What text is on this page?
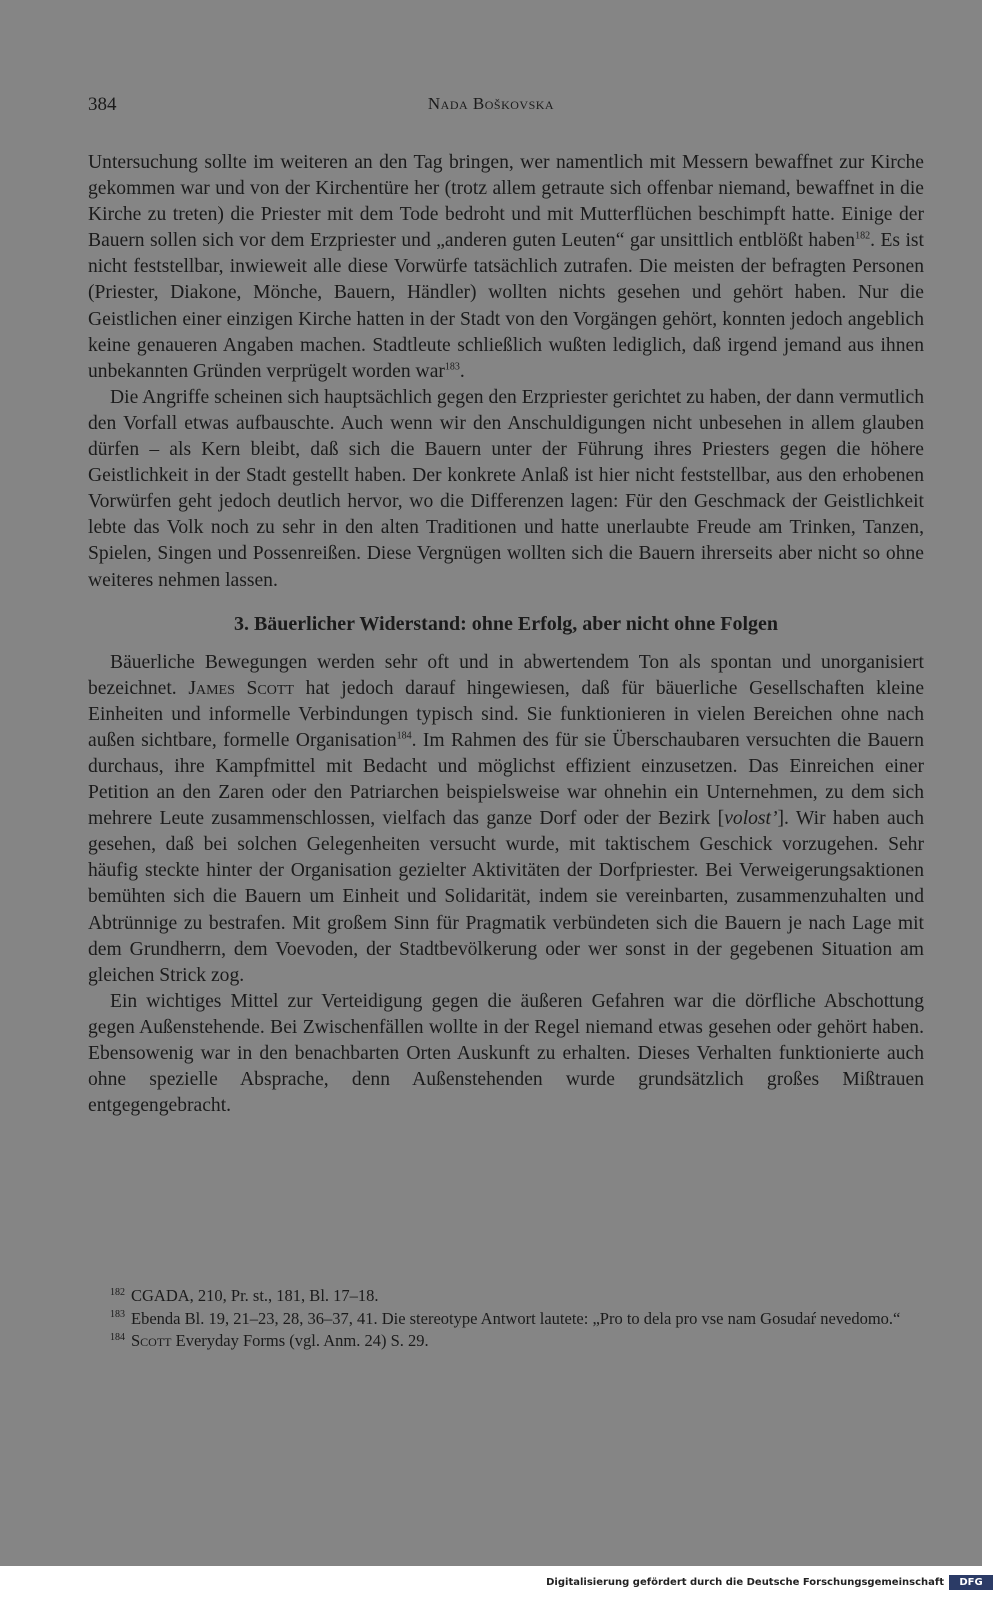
384	Nada Boškovska

Untersuchung sollte im weiteren an den Tag bringen, wer namentlich mit Messern bewaffnet zur Kirche gekommen war und von der Kirchentüre her (trotz allem getraute sich offenbar niemand, bewaffnet in die Kirche zu treten) die Priester mit dem Tode bedroht und mit Mutterflüchen beschimpft hatte. Einige der Bauern sollen sich vor dem Erzpriester und „anderen guten Leuten“ gar unsittlich entblößt haben$^{182}$. Es ist nicht feststellbar, inwieweit alle diese Vorwürfe tatsächlich zutrafen. Die meisten der befragten Personen (Priester, Diakone, Mönche, Bauern, Händler) wollten nichts gesehen und gehört haben. Nur die Geistlichen einer einzigen Kirche hatten in der Stadt von den Vorgängen gehört, konnten jedoch angeblich keine genaueren Angaben machen. Stadtleute schließlich wußten lediglich, daß irgend jemand aus ihnen unbekannten Gründen verprügelt worden war$^{183}$.

Die Angriffe scheinen sich hauptsächlich gegen den Erzpriester gerichtet zu haben, der dann vermutlich den Vorfall etwas aufbauschte. Auch wenn wir den Anschuldigungen nicht unbesehen in allem glauben dürfen – als Kern bleibt, daß sich die Bauern unter der Führung ihres Priesters gegen die höhere Geistlichkeit in der Stadt gestellt haben. Der konkrete Anlaß ist hier nicht feststellbar, aus den erhobenen Vorwürfen geht jedoch deutlich hervor, wo die Differenzen lagen: Für den Geschmack der Geistlichkeit lebte das Volk noch zu sehr in den alten Traditionen und hatte unerlaubte Freude am Trinken, Tanzen, Spielen, Singen und Possenreißen. Diese Vergnügen wollten sich die Bauern ihrerseits aber nicht so ohne weiteres nehmen lassen.

3. Bäuerlicher Widerstand: ohne Erfolg, aber nicht ohne Folgen

Bäuerliche Bewegungen werden sehr oft und in abwertendem Ton als spontan und unorganisiert bezeichnet. James Scott hat jedoch darauf hingewiesen, daß für bäuerliche Gesellschaften kleine Einheiten und informelle Verbindungen typisch sind. Sie funktionieren in vielen Bereichen ohne nach außen sichtbare, formelle Organisation$^{184}$. Im Rahmen des für sie Überschaubaren versuchten die Bauern durchaus, ihre Kampfmittel mit Bedacht und möglichst effizient einzusetzen. Das Einreichen einer Petition an den Zaren oder den Patriarchen beispielsweise war ohnehin ein Unternehmen, zu dem sich mehrere Leute zusammenschlossen, vielfach das ganze Dorf oder der Bezirk [volost’]. Wir haben auch gesehen, daß bei solchen Gelegenheiten versucht wurde, mit taktischem Geschick vorzugehen. Sehr häufig steckte hinter der Organisation gezielter Aktivitäten der Dorfpriester. Bei Verweigerungsaktionen bemühten sich die Bauern um Einheit und Solidarität, indem sie vereinbarten, zusammenzuhalten und Abtrünnige zu bestrafen. Mit großem Sinn für Pragmatik verbündeten sich die Bauern je nach Lage mit dem Grundherrn, dem Voevoden, der Stadtbevölkerung oder wer sonst in der gegebenen Situation am gleichen Strick zog.

Ein wichtiges Mittel zur Verteidigung gegen die äußeren Gefahren war die dörfliche Abschottung gegen Außenstehende. Bei Zwischenfällen wollte in der Regel niemand etwas gesehen oder gehört haben. Ebensowenig war in den benachbarten Orten Auskunft zu erhalten. Dieses Verhalten funktionierte auch ohne spezielle Absprache, denn Außenstehenden wurde grundsätzlich großes Mißtrauen entgegengebracht.

$^{182}$ CGADA, 210, Pr. st., 181, Bl. 17–18.

$^{183}$ Ebenda Bl. 19, 21–23, 28, 36–37, 41. Die stereotype Antwort lautete: „Pro to dela pro vse nam Gosudaŕ nevedomo.“

$^{184}$ Scott Everyday Forms (vgl. Anm. 24) S. 29.

Digitalisierung gefördert durch die Deutsche Forschungsgemeinschaft	DFG
